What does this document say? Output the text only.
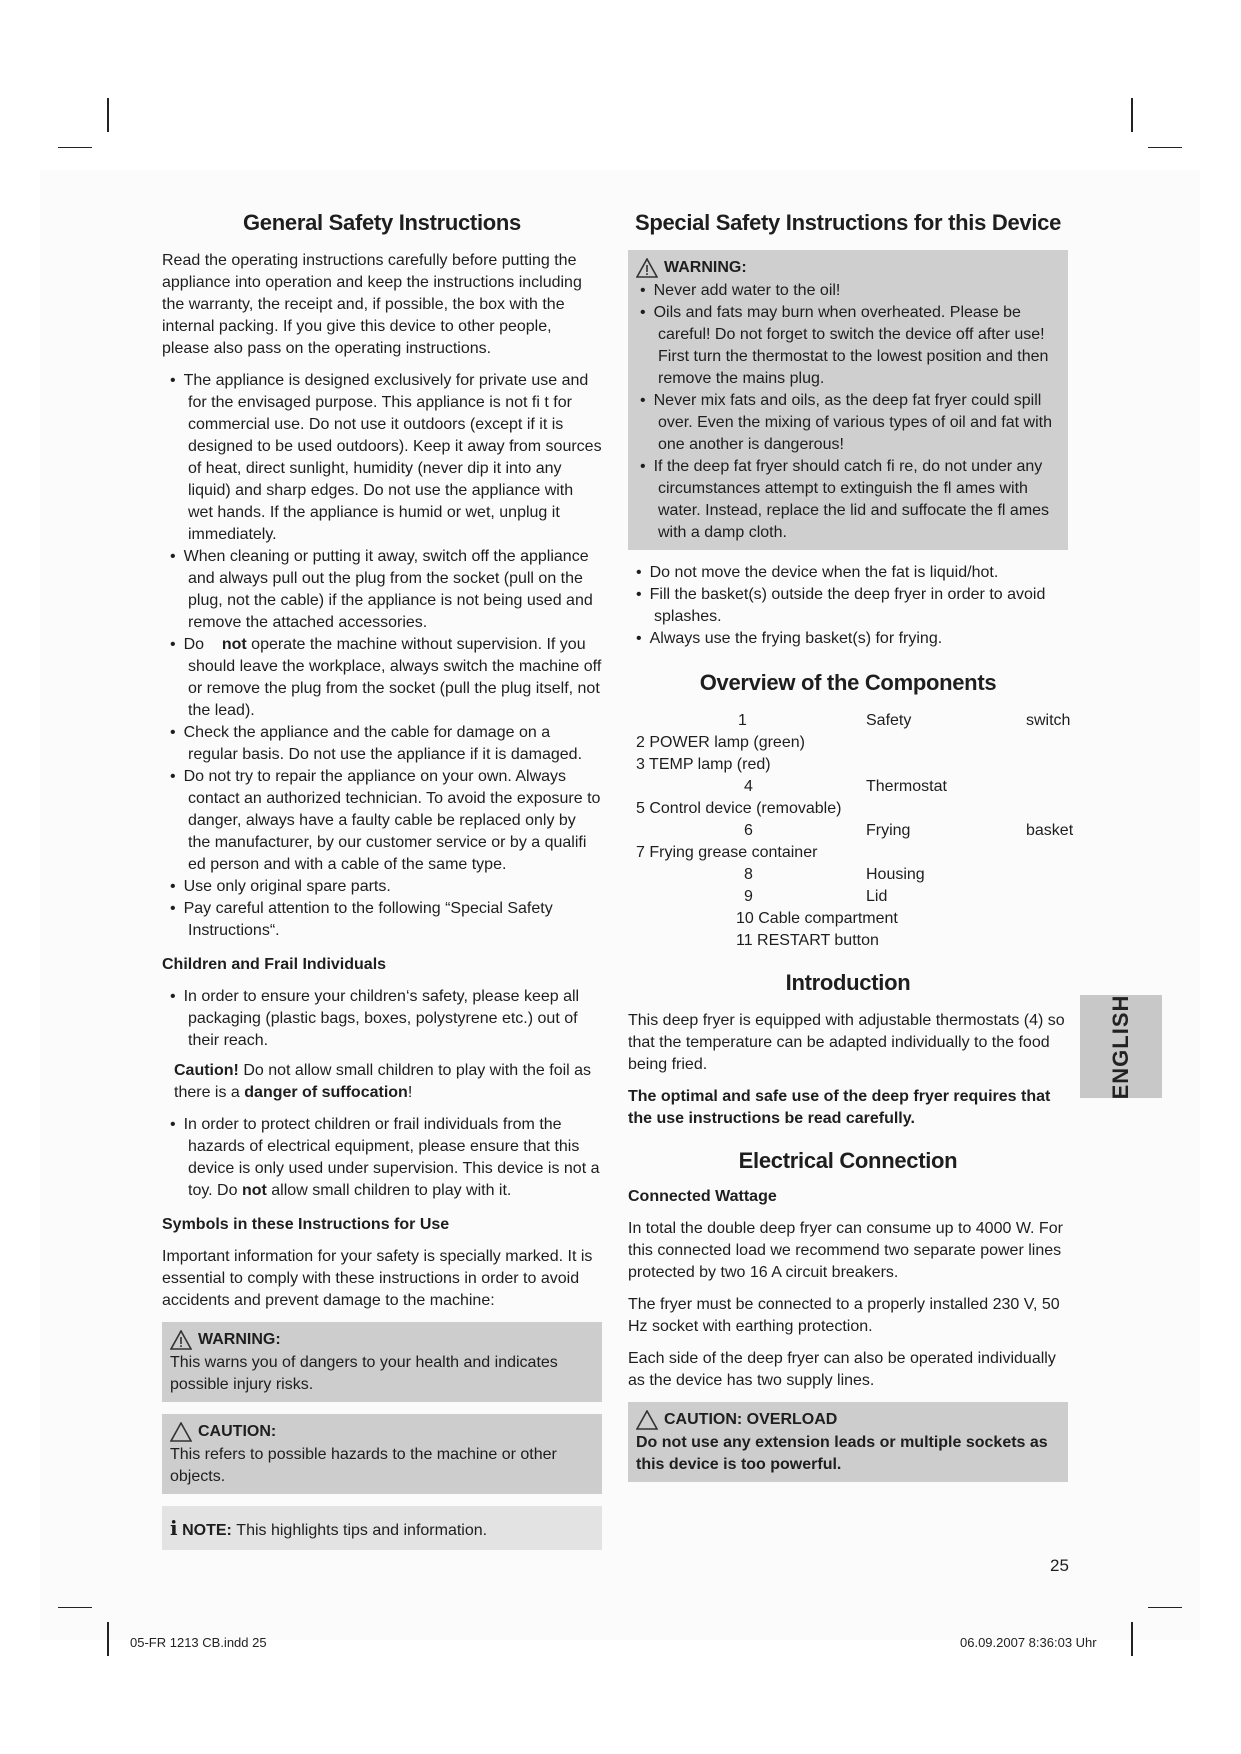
General Safety Instructions

Read the operating instructions carefully before putting the appliance into operation and keep the instructions including the warranty, the receipt and, if possible, the box with the internal packing. If you give this device to other people, please also pass on the operating instructions.

• The appliance is designed exclusively for private use and for the envisaged purpose. This appliance is not fi t for commercial use. Do not use it outdoors (except if it is designed to be used outdoors). Keep it away from sources of heat, direct sunlight, humidity (never dip it into any liquid) and sharp edges. Do not use the appliance with wet hands. If the appliance is humid or wet, unplug it immediately.
• When cleaning or putting it away, switch off the appliance and always pull out the plug from the socket (pull on the plug, not the cable) if the appliance is not being used and remove the attached accessories.
• Do not operate the machine without supervision. If you should leave the workplace, always switch the machine off or remove the plug from the socket (pull the plug itself, not the lead).
• Check the appliance and the cable for damage on a regular basis. Do not use the appliance if it is damaged.
• Do not try to repair the appliance on your own. Always contact an authorized technician. To avoid the exposure to danger, always have a faulty cable be replaced only by the manufacturer, by our customer service or by a qualifi ed person and with a cable of the same type.
• Use only original spare parts.
• Pay careful attention to the following “Special Safety Instructions“.
Children and Frail Individuals
• In order to ensure your children‘s safety, please keep all packaging (plastic bags, boxes, polystyrene etc.) out of their reach.
Caution! Do not allow small children to play with the foil as there is a danger of suffocation!
• In order to protect children or frail individuals from the hazards of electrical equipment, please ensure that this device is only used under supervision. This device is not a toy. Do not allow small children to play with it.
Symbols in these Instructions for Use

Important information for your safety is specially marked. It is essential to comply with these instructions in order to avoid accidents and prevent damage to the machine:

WARNING:

This warns you of dangers to your health and indicates possible injury risks.

CAUTION:

This refers to possible hazards to the machine or other objects.

i NOTE: This highlights tips and information.
Special Safety Instructions for this Device
WARNING:
• Never add water to the oil!
• Oils and fats may burn when overheated. Please be careful! Do not forget to switch the device off after use! First turn the thermostat to the lowest position and then remove the mains plug.
• Never mix fats and oils, as the deep fat fryer could spill over. Even the mixing of various types of oil and fat with one another is dangerous!
• If the deep fat fryer should catch fi re, do not under any circumstances attempt to extinguish the fl ames with water. Instead, replace the lid and suffocate the fl ames with a damp cloth.
• Do not move the device when the fat is liquid/hot.
• Fill the basket(s) outside the deep fryer in order to avoid splashes.
• Always use the frying basket(s) for frying.
Overview of the Components
1	Safety	switch
2 POWER lamp (green)
3 TEMP lamp (red)
4	Thermostat
5 Control device (removable)
6	Frying	basket
7 Frying grease container
8	Housing
9	Lid
10 Cable compartment
11 RESTART button
Introduction

This deep fryer is equipped with adjustable thermostats (4) so that the temperature can be adapted individually to the food being fried.

The optimal and safe use of the deep fryer requires that the use instructions be read carefully.

Electrical Connection
Connected Wattage

In total the double deep fryer can consume up to 4000 W. For this connected load we recommend two separate power lines protected by two 16 A circuit breakers.

The fryer must be connected to a properly installed 230 V, 50 Hz socket with earthing protection.

Each side of the deep fryer can also be operated individually as the device has two supply lines.

CAUTION: OVERLOAD

Do not use any extension leads or multiple sockets as this device is too powerful.

ENGLISH
25
05-FR 1213 CB.indd 25	06.09.2007 8:36:03 Uhr
